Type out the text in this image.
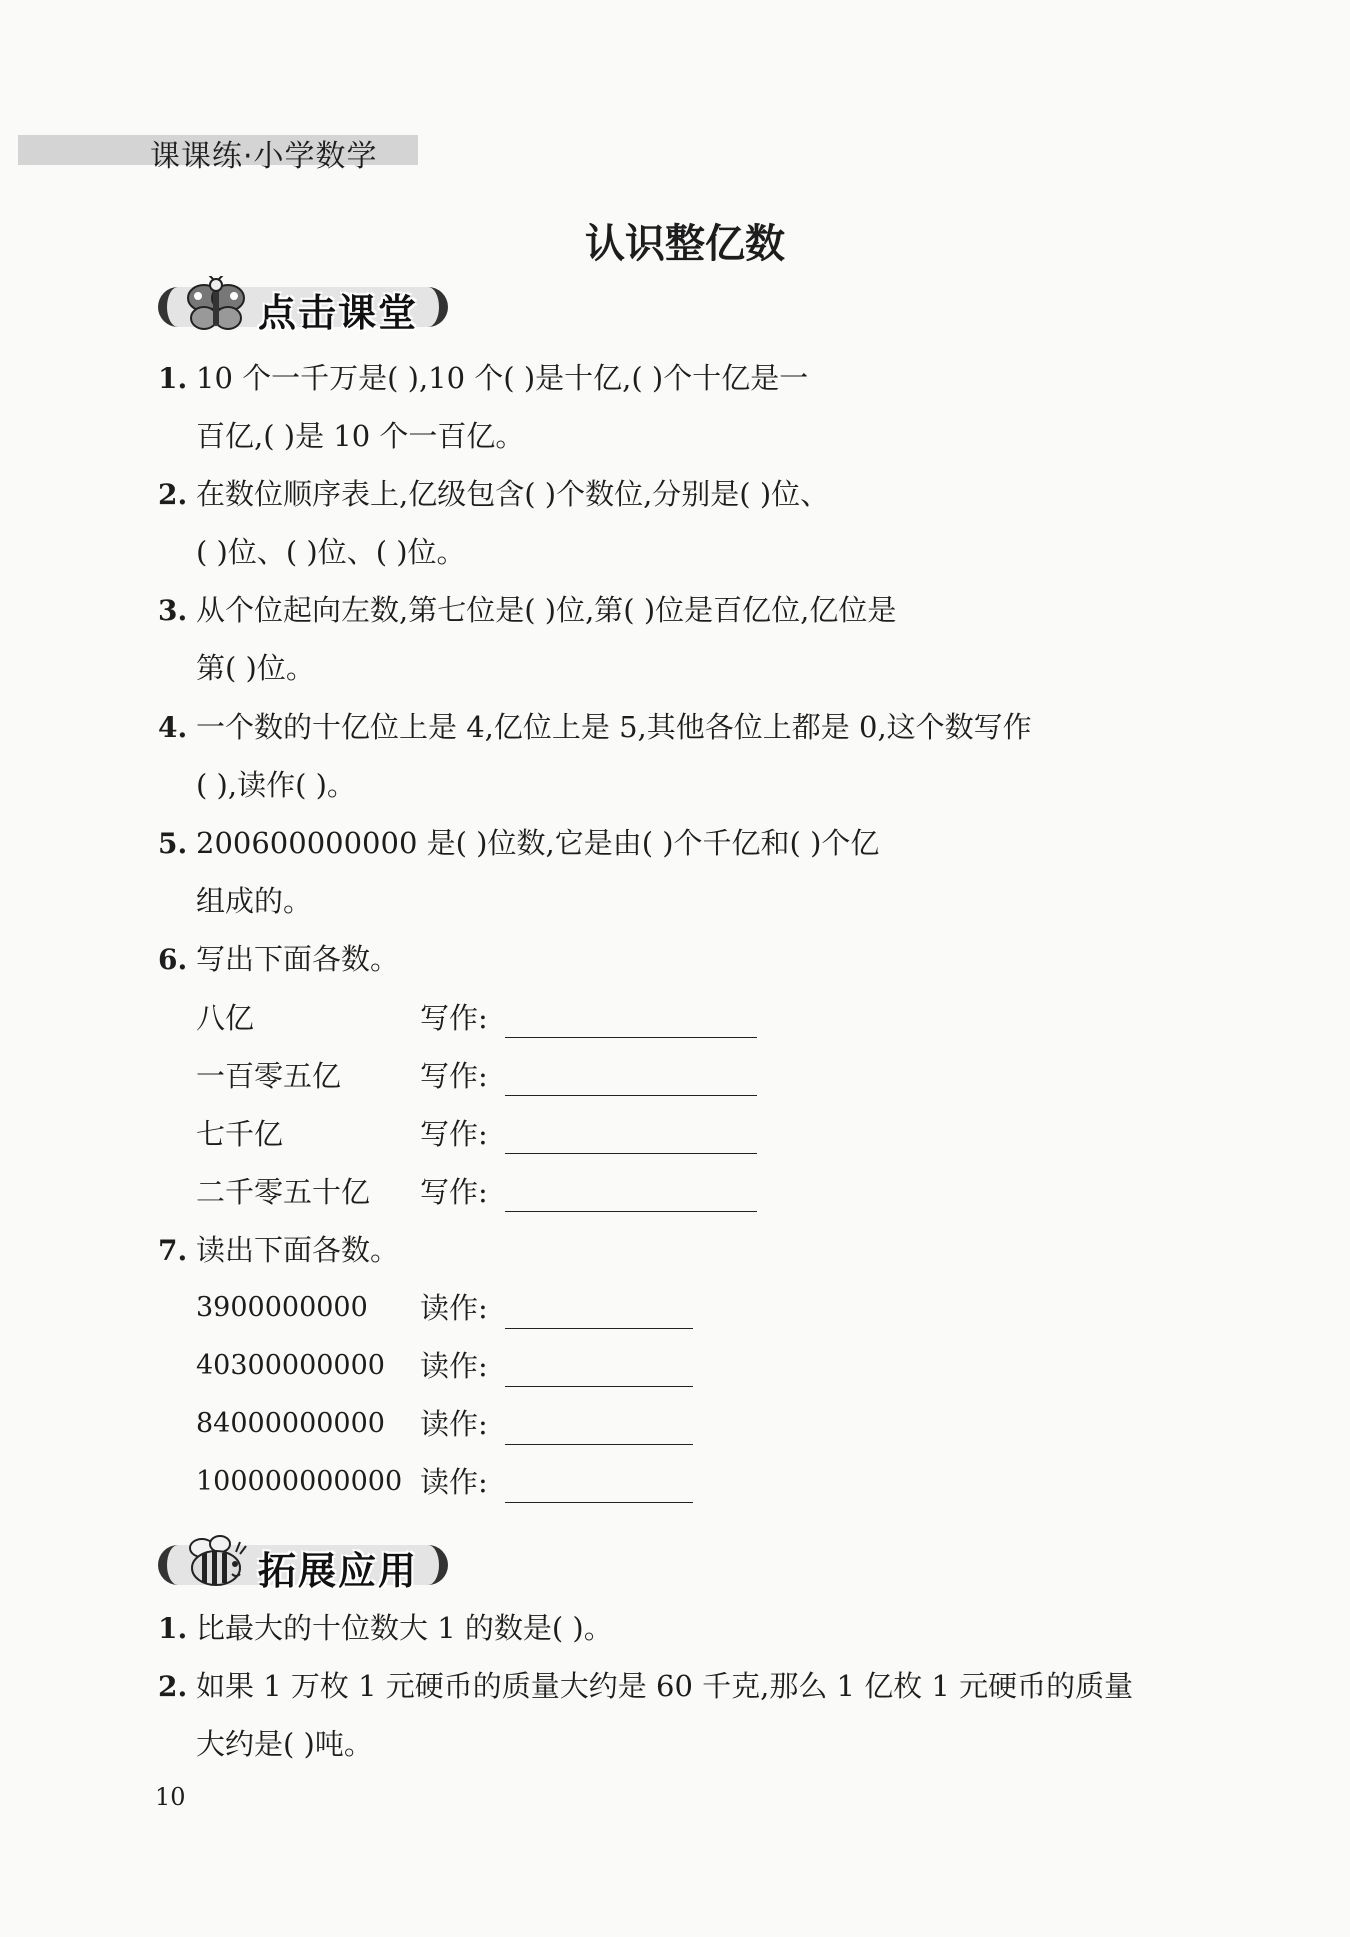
课课练·小学数学
认识整亿数
点击课堂
1. 10 个一千万是( ),10 个( )是十亿,( )个十亿是一
百亿,( )是 10 个一百亿。
2. 在数位顺序表上,亿级包含( )个数位,分别是( )位、
( )位、( )位、( )位。
3. 从个位起向左数,第七位是( )位,第( )位是百亿位,亿位是
第( )位。
4. 一个数的十亿位上是 4,亿位上是 5,其他各位上都是 0,这个数写作
( ),读作( )。
5. 200600000000 是( )位数,它是由( )个千亿和( )个亿
组成的。
6. 写出下面各数。
八亿	写作:
一百零五亿	写作:
七千亿	写作:
二千零五十亿 写作:
7. 读出下面各数。
3900000000 读作:
40300000000 读作:
84000000000 读作:
100000000000 读作:
拓展应用
1. 比最大的十位数大 1 的数是( )。
2. 如果 1 万枚 1 元硬币的质量大约是 60 千克,那么 1 亿枚 1 元硬币的质量
大约是( )吨。
10
